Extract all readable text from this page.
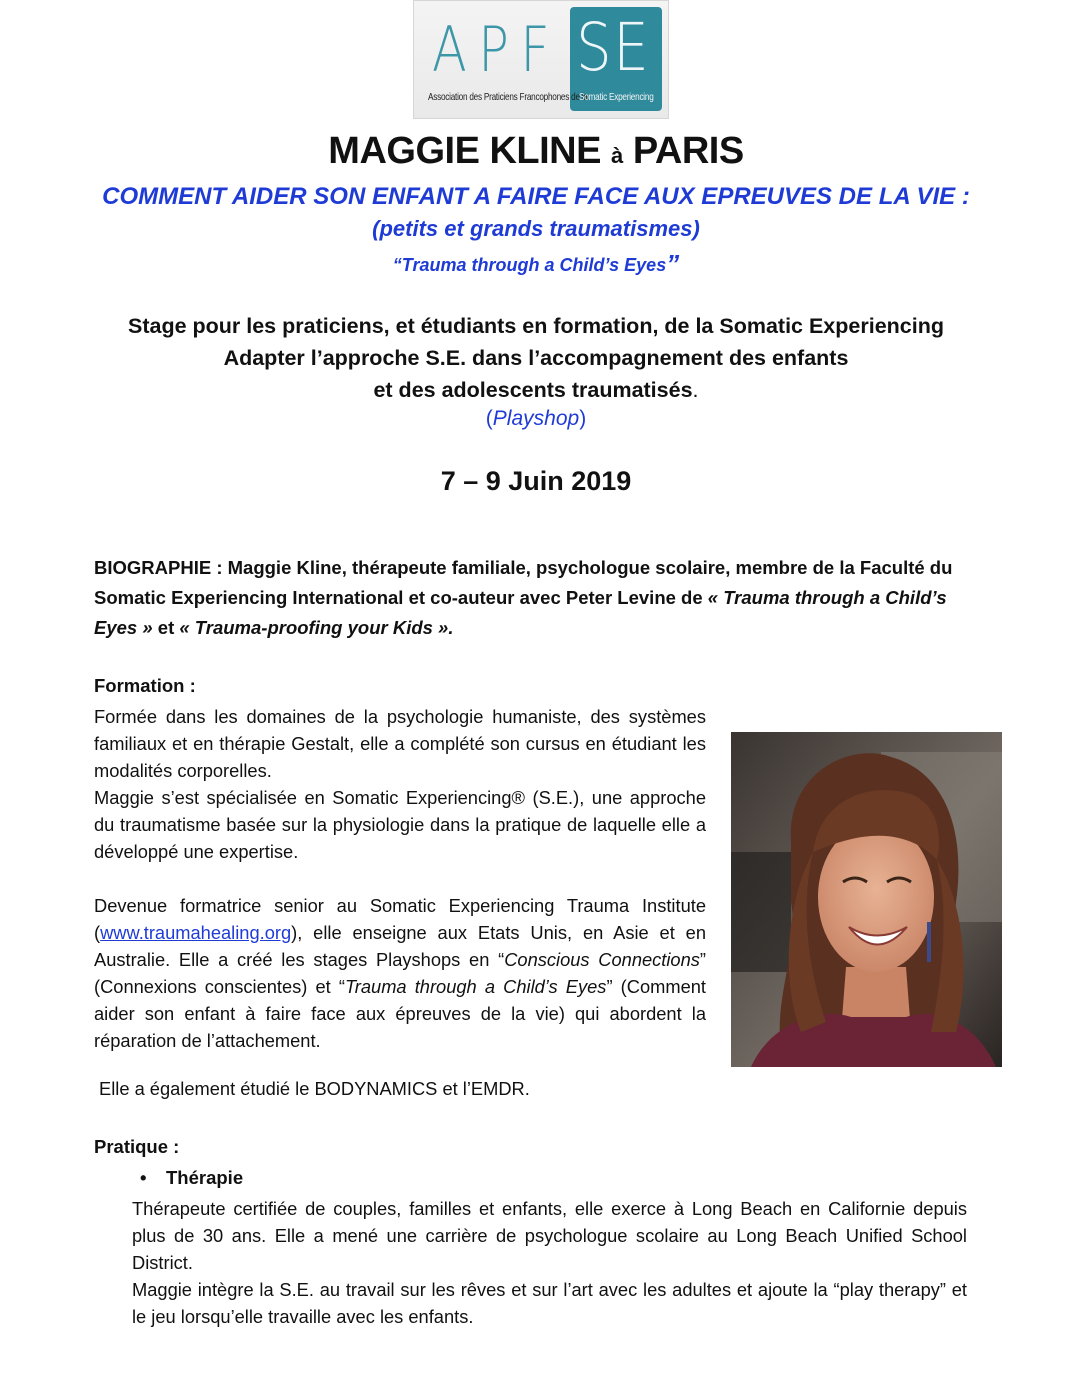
APF SE
Association des Praticiens Francophones de la
Somatic Experiencing
MAGGIE KLINE à PARIS
COMMENT AIDER SON ENFANT A FAIRE FACE AUX EPREUVES DE LA VIE :
(petits et grands traumatismes)
“Trauma through a Child’s Eyes”
Stage pour les praticiens, et étudiants en formation, de la Somatic Experiencing
Adapter l’approche S.E. dans l’accompagnement des enfants
et des adolescents traumatisés.
(Playshop)
7 – 9 Juin 2019
BIOGRAPHIE : Maggie Kline, thérapeute familiale, psychologue scolaire, membre de la Faculté du Somatic Experiencing International et co-auteur avec Peter Levine de « Trauma through a Child’s Eyes » et « Trauma-proofing your Kids ».
Formation :

Formée dans les domaines de la psychologie humaniste, des systèmes familiaux et en thérapie Gestalt, elle a complété son cursus en étudiant les modalités corporelles.

Maggie s’est spécialisée en Somatic Experiencing® (S.E.), une approche du traumatisme basée sur la physiologie dans la pratique de laquelle elle a développé une expertise.

Devenue formatrice senior au Somatic Experiencing Trauma Institute (www.traumahealing.org), elle enseigne aux Etats Unis, en Asie et en Australie. Elle a créé les stages Playshops en “Conscious Connections” (Connexions conscientes) et “Trauma through a Child’s Eyes” (Comment aider son enfant à faire face aux épreuves de la vie) qui abordent la réparation de l’attachement.

Elle a également étudié le BODYNAMICS et l’EMDR.
Pratique :
• Thérapie

Thérapeute certifiée de couples, familles et enfants, elle exerce à Long Beach en Californie depuis plus de 30 ans. Elle a mené une carrière de psychologue scolaire au Long Beach Unified School District.

Maggie intègre la S.E. au travail sur les rêves et sur l’art avec les adultes et ajoute la “play therapy” et le jeu lorsqu’elle travaille avec les enfants.
